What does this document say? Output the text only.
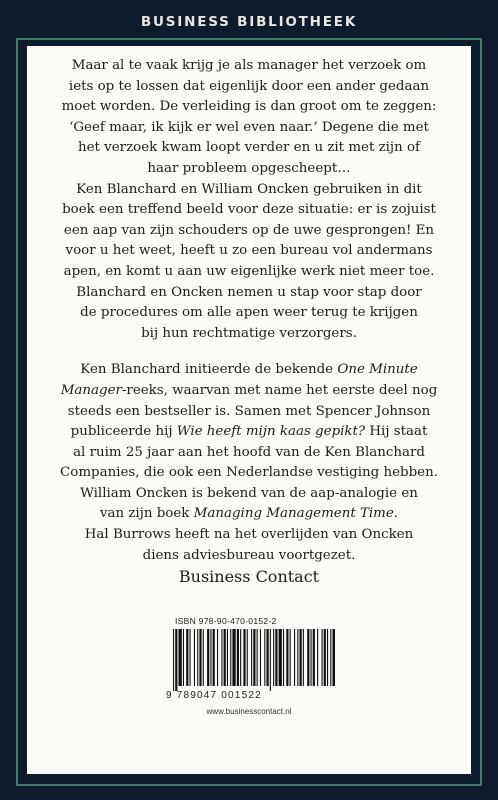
BUSINESS BIBLIOTHEEK

Maar al te vaak krijg je als manager het verzoek om

iets op te lossen dat eigenlijk door een ander gedaan

moet worden. De verleiding is dan groot om te zeggen:

‘Geef maar, ik kijk er wel even naar.’ Degene die met

het verzoek kwam loopt verder en u zit met zijn of

haar probleem opgescheept…

Ken Blanchard en William Oncken gebruiken in dit

boek een treffend beeld voor deze situatie: er is zojuist

een aap van zijn schouders op de uwe gesprongen! En

voor u het weet, heeft u zo een bureau vol andermans

apen, en komt u aan uw eigenlijke werk niet meer toe.

Blanchard en Oncken nemen u stap voor stap door

de procedures om alle apen weer terug te krijgen

bij hun rechtmatige verzorgers.

Ken Blanchard initieerde de bekende One Minute

Manager-reeks, waarvan met name het eerste deel nog

steeds een bestseller is. Samen met Spencer Johnson

publiceerde hij Wie heeft mijn kaas gepikt? Hij staat

al ruim 25 jaar aan het hoofd van de Ken Blanchard

Companies, die ook een Nederlandse vestiging hebben.

William Oncken is bekend van de aap-analogie en

van zijn boek Managing Management Time.

Hal Burrows heeft na het overlijden van Oncken

diens adviesbureau voortgezet.

Business Contact
ISBN 978-90-470-0152-2
9 789047 001522
www.businesscontact.nl
